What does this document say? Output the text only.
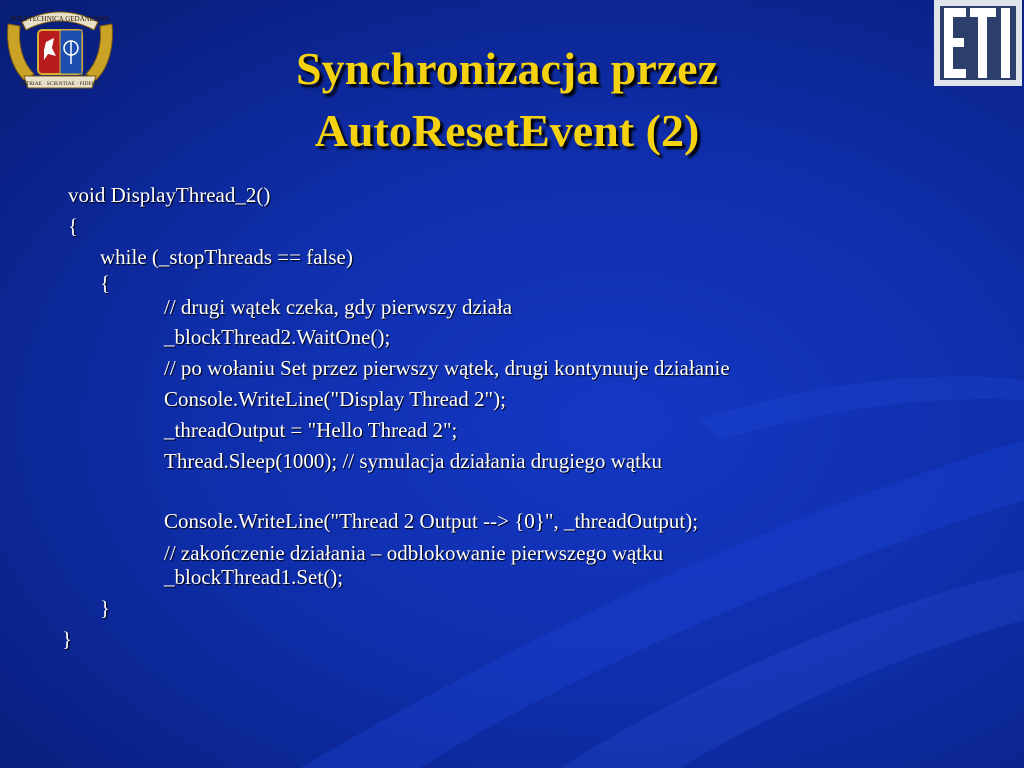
POLYTECHNICA GEDANENSIS
PATRIAE · SCIENTIAE · FIDELIS	Synchronizacja przez
AutoResetEvent (2)
void DisplayThread_2()
{
while (_stopThreads == false)
{
// drugi wątek czeka, gdy pierwszy działa
_blockThread2.WaitOne();
// po wołaniu Set przez pierwszy wątek, drugi kontynuuje działanie
Console.WriteLine("Display Thread 2");
_threadOutput = "Hello Thread 2";
Thread.Sleep(1000); // symulacja działania drugiego wątku
Console.WriteLine("Thread 2 Output --> {0}", _threadOutput);
// zakończenie działania – odblokowanie pierwszego wątku
_blockThread1.Set();
}
}
